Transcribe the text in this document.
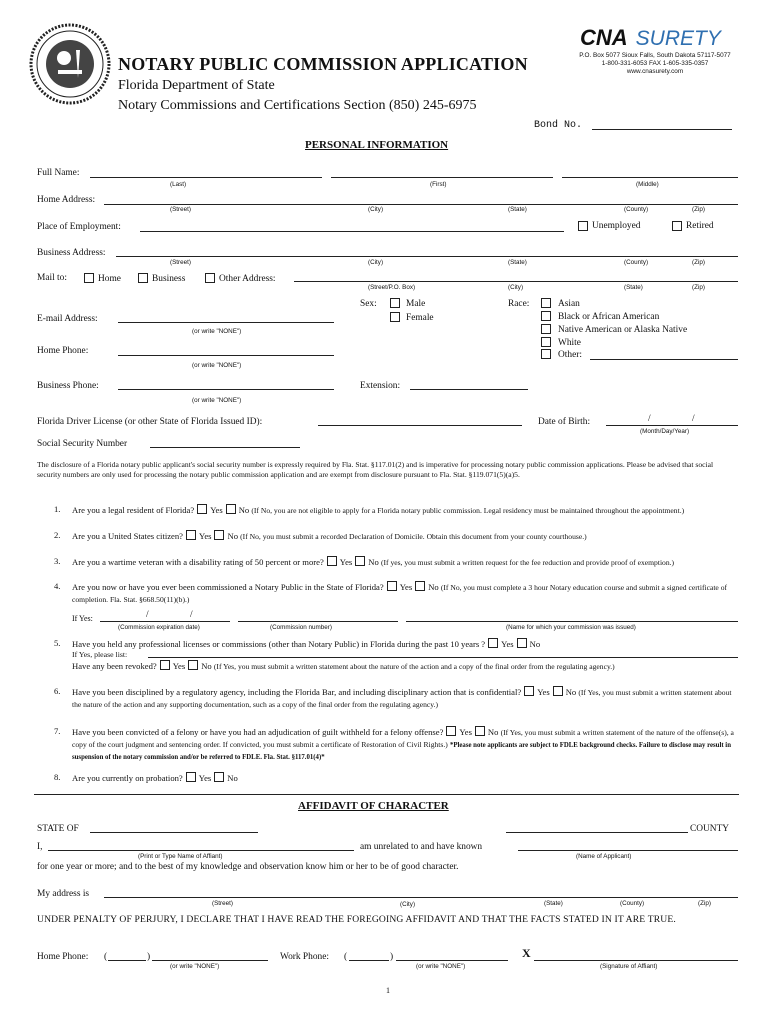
NOTARY PUBLIC COMMISSION APPLICATION
Florida Department of State
Notary Commissions and Certifications Section (850) 245-6975
CNA SURETY
P.O. Box 5077 Sioux Falls, South Dakota 57117-5077
1-800-331-6053 FAX 1-605-335-0357
www.cnasurety.com
Bond No.
PERSONAL INFORMATION
Full Name:
(Last)	(First)	(Middle)
Home Address:
(Street)	(City)	(State)	(County)	(Zip)
Place of Employment:	Unemployed	Retired
Business Address:
(Street)	(City)	(State)	(County)	(Zip)
Mail to:	Home	Business	Other Address:
(Street/P.O. Box)	(City)	(State)	(Zip)
Sex:	Male
Female
Race:	Asian
Black or African American
Native American or Alaska Native
White
Other:
E-mail Address:
(or write "NONE")
Home Phone:
(or write "NONE")
Business Phone:
(or write "NONE")
Extension:
Florida Driver License (or other State of Florida Issued ID):	Date of Birth:	/	/
(Month/Day/Year)
Social Security Number
The disclosure of a Florida notary public applicant's social security number is expressly required by Fla. Stat. §117.01(2) and is imperative for processing notary public commission applications. Please be advised that social security numbers are only used for processing the notary public commission application and are exempt from disclosure pursuant to Fla. Stat. §119.071(5)(a)5.
1. Are you a legal resident of Florida? Yes No (If No, you are not eligible to apply for a Florida notary public commission. Legal residency must be maintained throughout the appointment.)
2. Are you a United States citizen? Yes No (If No, you must submit a recorded Declaration of Domicile. Obtain this document from your county courthouse.)
3. Are you a wartime veteran with a disability rating of 50 percent or more? Yes No (If yes, you must submit a written request for the fee reduction and provide proof of exemption.)
4. Are you now or have you ever been commissioned a Notary Public in the State of Florida? Yes No (If No, you must complete a 3 hour Notary education course and submit a signed certificate of completion. Fla. Stat. §668.50(11)(b).)
If Yes:	/	/
(Commission expiration date)	(Commission number)	(Name for which your commission was issued)
5. Have you held any professional licenses or commissions (other than Notary Public) in Florida during the past 10 years ? Yes No
If Yes, please list:
Have any been revoked? Yes No (If Yes, you must submit a written statement about the nature of the action and a copy of the final order from the regulating agency.)
6. Have you been disciplined by a regulatory agency, including the Florida Bar, and including disciplinary action that is confidential? Yes No (If Yes, you must submit a written statement about the nature of the action and any supporting documentation, such as a copy of the final order from the regulating agency.)
7. Have you been convicted of a felony or have you had an adjudication of guilt withheld for a felony offense? Yes No (If Yes, you must submit a written statement of the nature of the offense(s), a copy of the court judgment and sentencing order. If convicted, you must submit a certificate of Restoration of Civil Rights.) *Please note applicants are subject to FDLE background checks. Failure to disclose may result in suspension of the notary commission and/or be referred to FDLE. Fla. Stat. §117.01(4)*
8. Are you currently on probation? Yes No
AFFIDAVIT OF CHARACTER
STATE OF	COUNTY
I,	am unrelated to and have known
(Print or Type Name of Affiant)	(Name of Applicant)
for one year or more; and to the best of my knowledge and observation know him or her to be of good character.
My address is
(Street)	(City)	(State)	(County)	(Zip)
UNDER PENALTY OF PERJURY, I DECLARE THAT I HAVE READ THE FOREGOING AFFIDAVIT AND THAT THE FACTS STATED IN IT ARE TRUE.
Home Phone: (	)
(or write "NONE")
Work Phone: (	)
(or write "NONE")
X
(Signature of Affiant)
1
